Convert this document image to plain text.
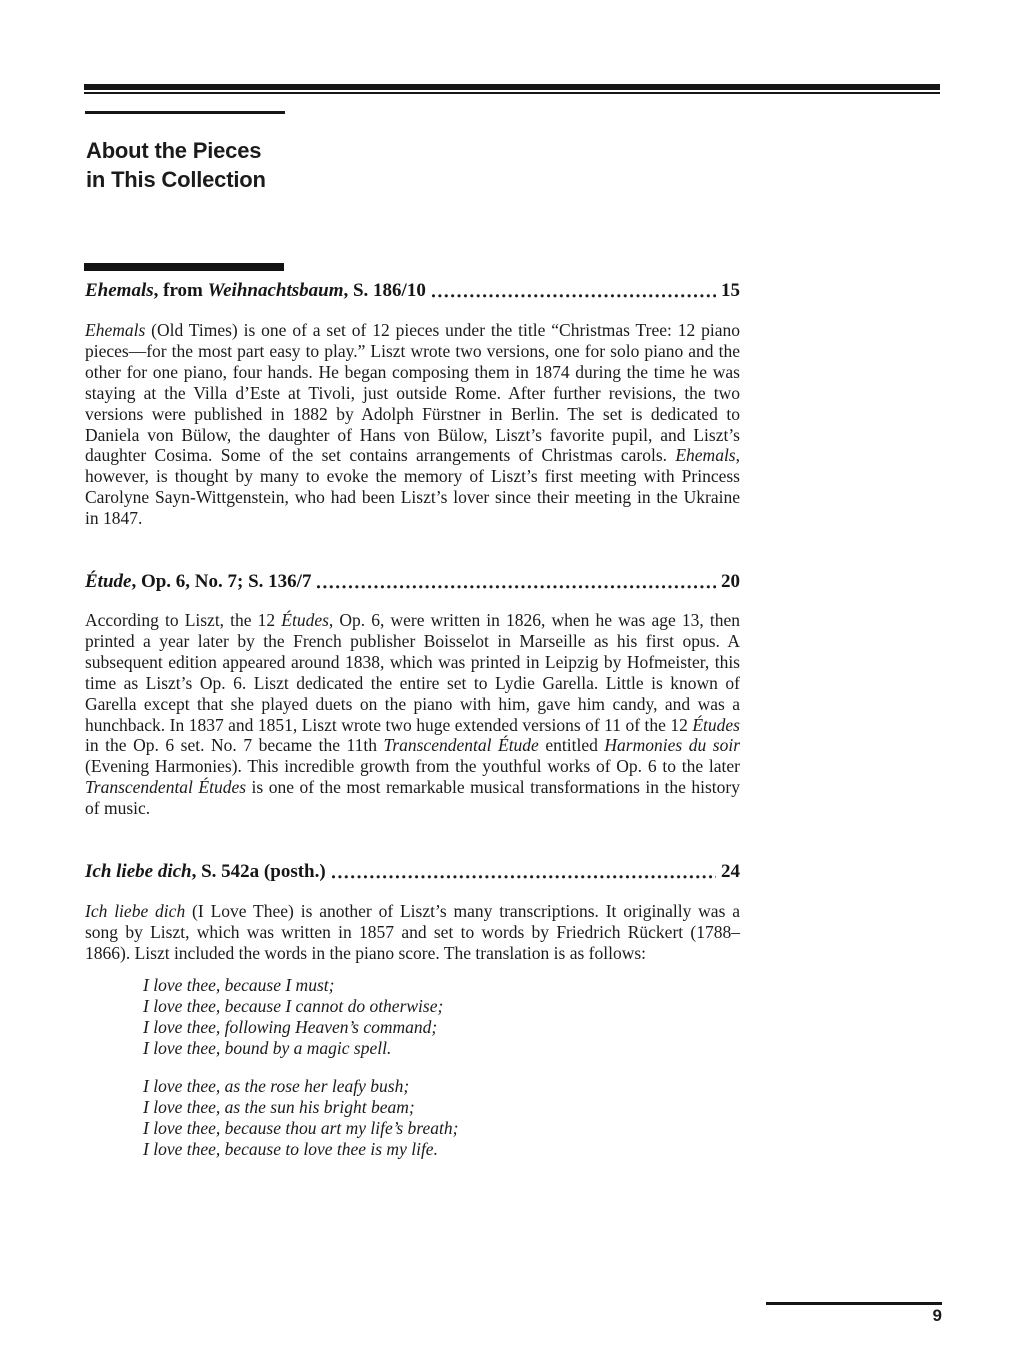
About the Pieces
in This Collection
Ehemals, from Weihnachtsbaum, S. 186/10	15

Ehemals (Old Times) is one of a set of 12 pieces under the title “Christmas Tree: 12 piano pieces—for the most part easy to play.” Liszt wrote two versions, one for solo piano and the other for one piano, four hands. He began composing them in 1874 during the time he was staying at the Villa d’Este at Tivoli, just outside Rome. After further revisions, the two versions were published in 1882 by Adolph Fürstner in Berlin. The set is dedicated to Daniela von Bülow, the daughter of Hans von Bülow, Liszt’s favorite pupil, and Liszt’s daughter Cosima. Some of the set contains arrangements of Christmas carols. Ehemals, however, is thought by many to evoke the memory of Liszt’s first meeting with Princess Carolyne Sayn-Wittgenstein, who had been Liszt’s lover since their meeting in the Ukraine in 1847.

Étude, Op. 6, No. 7; S. 136/7	20

According to Liszt, the 12 Études, Op. 6, were written in 1826, when he was age 13, then printed a year later by the French publisher Boisselot in Marseille as his first opus. A subsequent edition appeared around 1838, which was printed in Leipzig by Hofmeister, this time as Liszt’s Op. 6. Liszt dedicated the entire set to Lydie Garella. Little is known of Garella except that she played duets on the piano with him, gave him candy, and was a hunchback. In 1837 and 1851, Liszt wrote two huge extended versions of 11 of the 12 Études in the Op. 6 set. No. 7 became the 11th Transcendental Étude entitled Harmonies du soir (Evening Harmonies). This incredible growth from the youthful works of Op. 6 to the later Transcendental Études is one of the most remarkable musical transformations in the history of music.

Ich liebe dich, S. 542a (posth.)	24

Ich liebe dich (I Love Thee) is another of Liszt’s many transcriptions. It originally was a song by Liszt, which was written in 1857 and set to words by Friedrich Rückert (1788–1866). Liszt included the words in the piano score. The translation is as follows:

I love thee, because I must;
I love thee, because I cannot do otherwise;
I love thee, following Heaven’s command;
I love thee, bound by a magic spell.
I love thee, as the rose her leafy bush;
I love thee, as the sun his bright beam;
I love thee, because thou art my life’s breath;
I love thee, because to love thee is my life.
9
